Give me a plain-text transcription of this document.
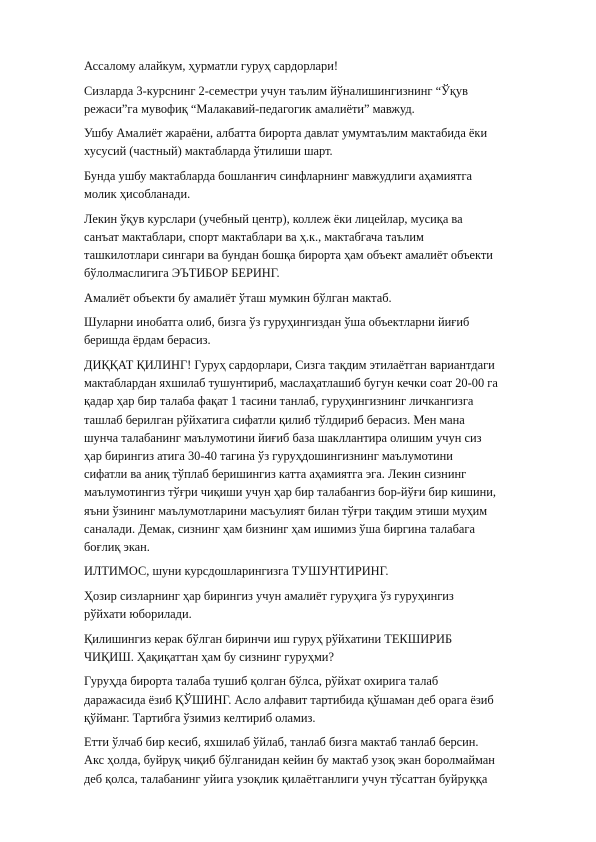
Ассалому алайкум, ҳурматли гуруҳ сардорлари!

Сизларда 3-курснинг 2-семестри учун таълим йўналишингизнинг “Ўқув
режаси”га мувофиқ “Малакавий-педагогик амалиёти” мавжуд.

Ушбу Амалиёт жараёни, албатта бирорта давлат умумтаълим мактабида ёки
хусусий (частный) мактабларда ўтилиши шарт.

Бунда ушбу мактабларда бошланғич синфларнинг мавжудлиги аҳамиятга
молик ҳисобланади.

Лекин ўқув курслари (учебный центр), коллеж ёки лицейлар, мусиқа ва
санъат мактаблари, спорт мактаблари ва ҳ.к., мактабгача таълим
ташкилотлари сингари ва бундан бошқа бирорта ҳам объект амалиёт объекти
бўлолмаслигига ЭЪТИБОР БЕРИНГ.

Амалиёт объекти бу амалиёт ўташ мумкин бўлган мактаб.

Шуларни инобатга олиб, бизга ўз гуруҳингиздан ўша объектларни йиғиб
беришда ёрдам берасиз.

ДИҚҚАТ ҚИЛИНГ! Гуруҳ сардорлари, Сизга тақдим этилаётган вариантдаги
мактаблардан яхшилаб тушунтириб, маслаҳатлашиб бугун кечки соат 20-00 га
қадар ҳар бир талаба фақат 1 тасини танлаб, гуруҳингизнинг личкангизга
ташлаб берилган рўйхатига сифатли қилиб тўлдириб берасиз. Мен мана
шунча талабанинг маълумотини йиғиб база шакллантира олишим учун сиз
ҳар бирингиз атига 30-40 тагина ўз гуруҳдошингизнинг маълумотини
сифатли ва аниқ тўплаб беришингиз катта аҳамиятга эга. Лекин сизнинг
маълумотингиз тўғри чиқиши учун ҳар бир талабангиз бор-йўғи бир кишини,
яъни ўзининг маълумотларини масъулият билан тўғри тақдим этиши муҳим
саналади. Демак, сизнинг ҳам бизнинг ҳам ишимиз ўша биргина талабага
боғлиқ экан.

ИЛТИМОС, шуни курсдошларингизга ТУШУНТИРИНГ.

Ҳозир сизларнинг ҳар бирингиз учун амалиёт гуруҳига ўз гуруҳингиз
рўйхати юборилади.

Қилишингиз керак бўлган биринчи иш гуруҳ рўйхатини ТЕКШИРИБ
ЧИҚИШ. Ҳақиқаттан ҳам бу сизнинг гуруҳми?

Гуруҳда бирорта талаба тушиб қолган бўлса, рўйхат охирига талаб
даражасида ёзиб ҚЎШИНГ. Асло алфавит тартибида қўшаман деб орага ёзиб
қўйманг. Тартибга ўзимиз келтириб оламиз.

Етти ўлчаб бир кесиб, яхшилаб ўйлаб, танлаб бизга мактаб танлаб берсин.
Акс ҳолда, буйруқ чиқиб бўлганидан кейин бу мактаб узоқ экан боролмайман
деб қолса, талабанинг уйига узоқлик қилаётганлиги учун тўсаттан буйруққа
